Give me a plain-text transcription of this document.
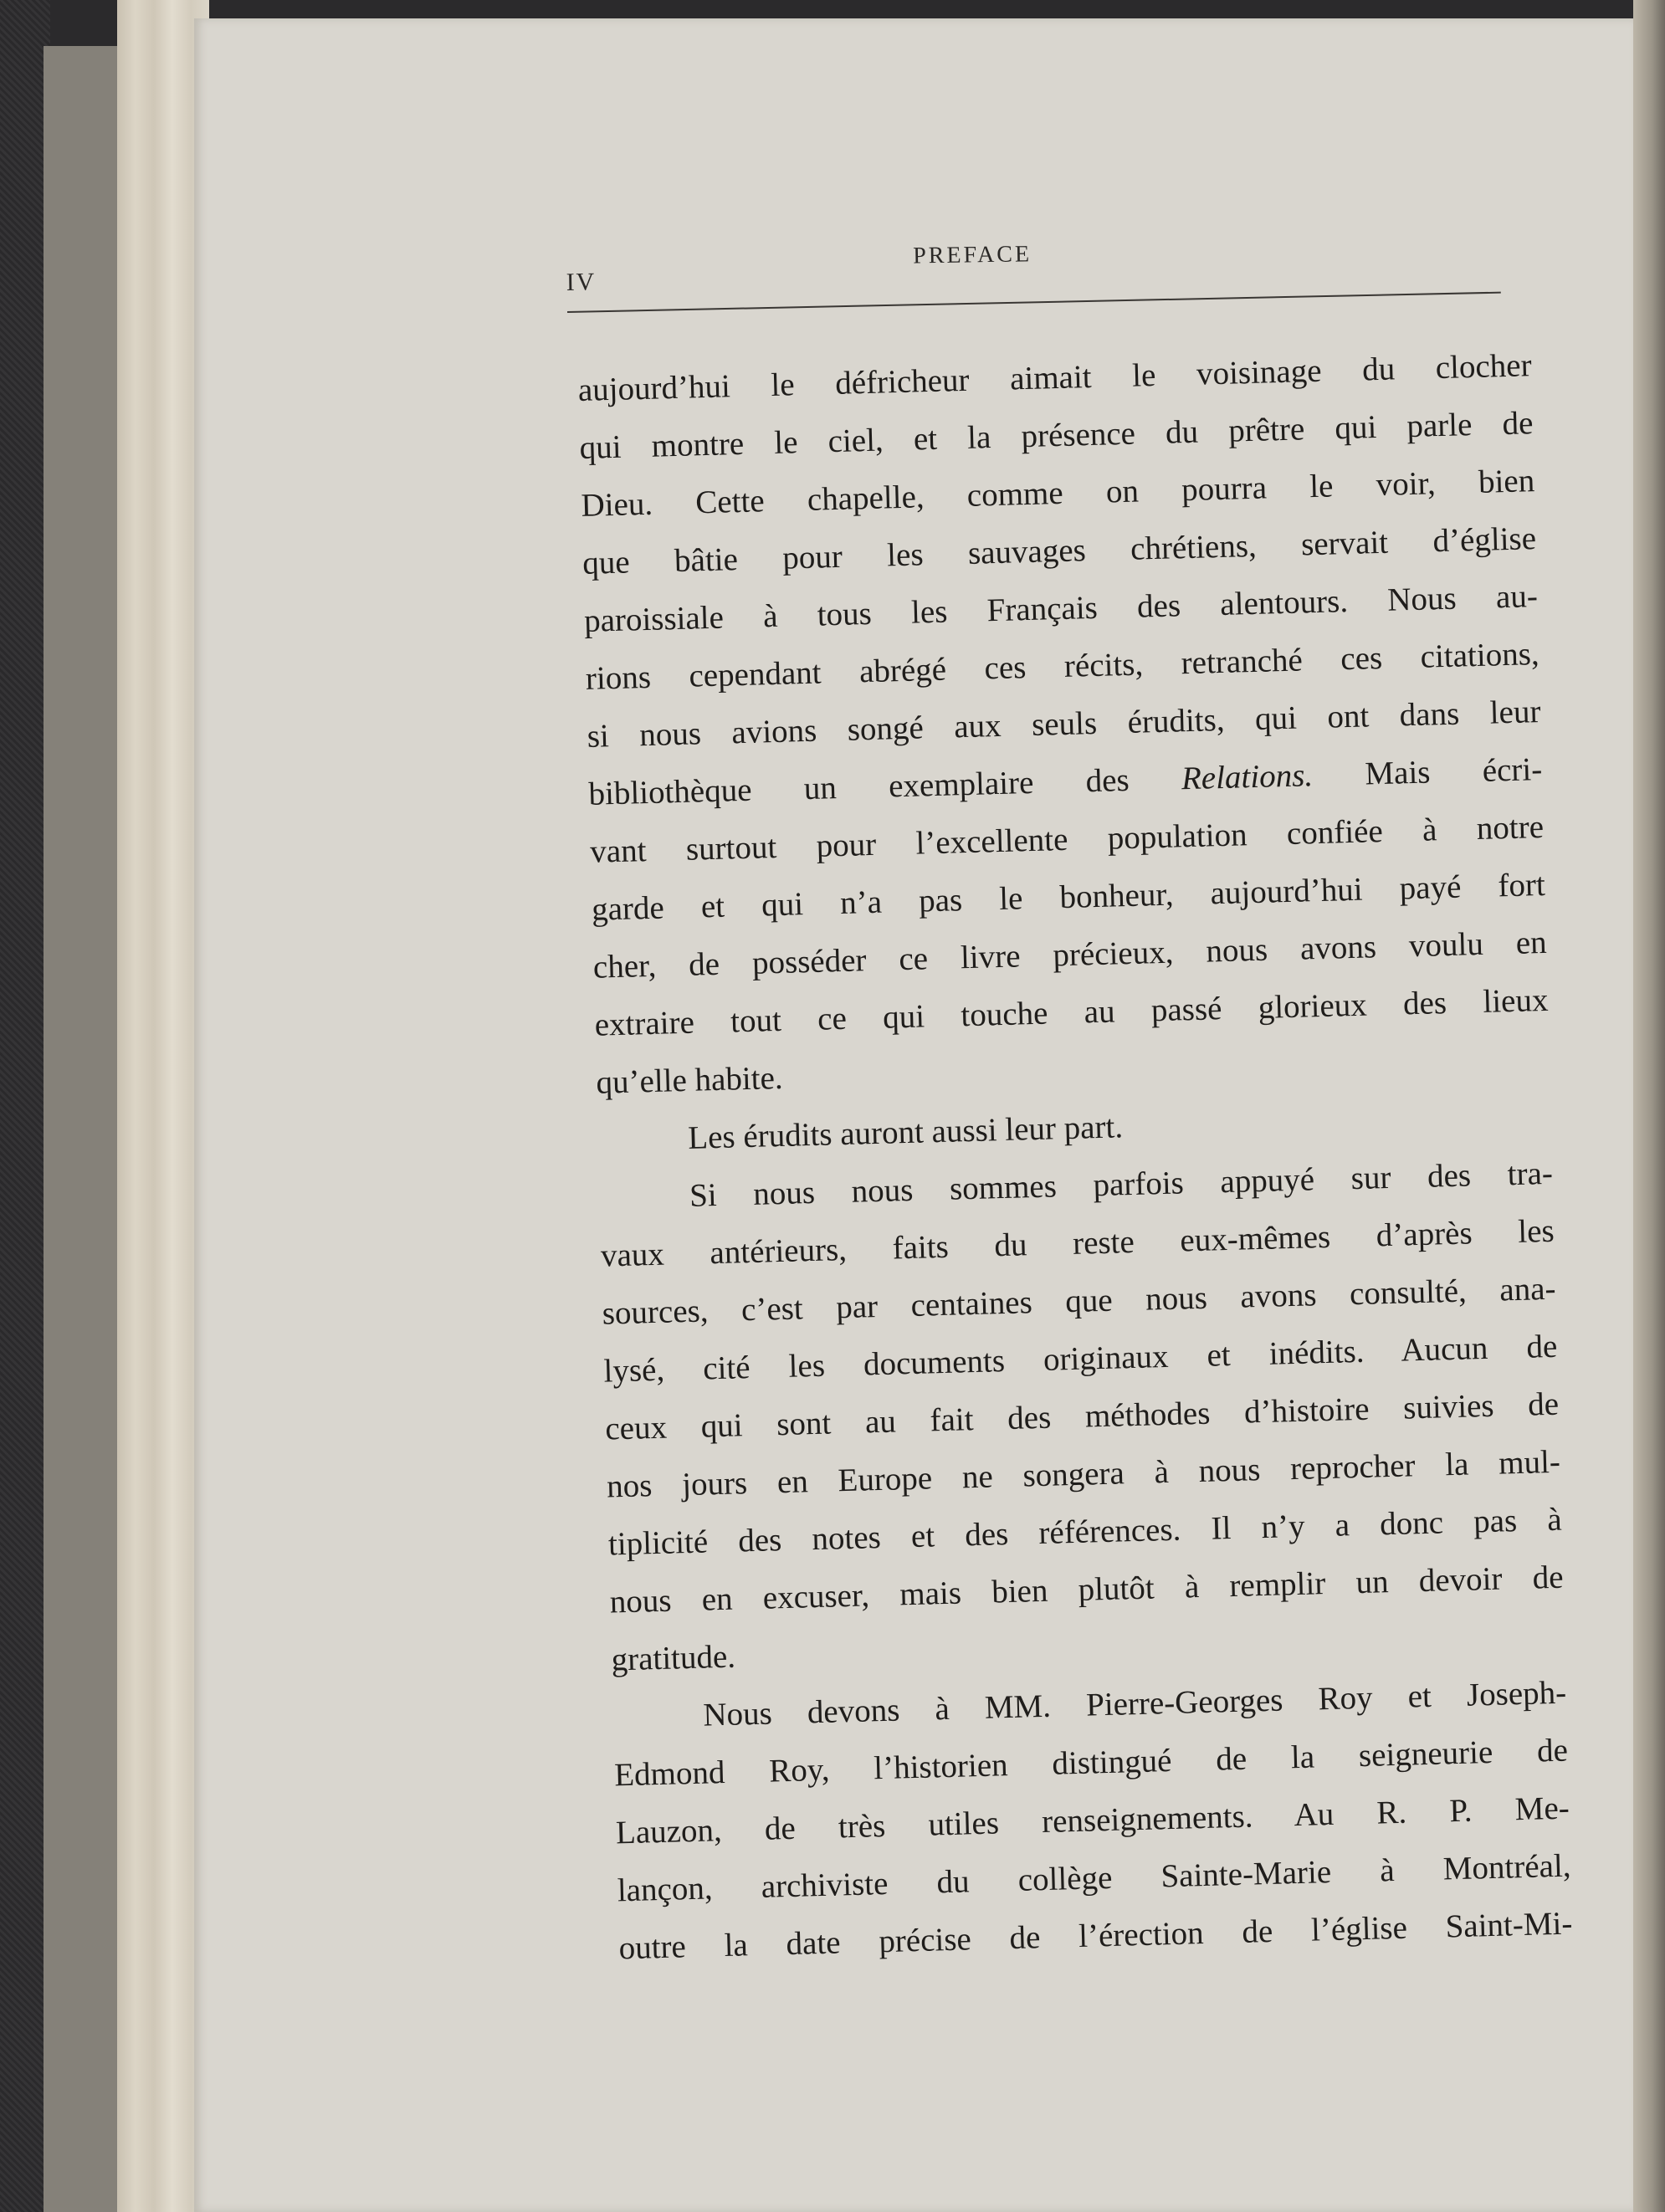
IV
PREFACE
aujourd’hui le défricheur aimait le voisinage du clocher
qui montre le ciel, et la présence du prêtre qui parle de
Dieu. Cette chapelle, comme on pourra le voir, bien
que bâtie pour les sauvages chrétiens, servait d’église
paroissiale à tous les Français des alentours. Nous au-
rions cependant abrégé ces récits, retranché ces citations,
si nous avions songé aux seuls érudits, qui ont dans leur
bibliothèque un exemplaire des Relations. Mais écri-
vant surtout pour l’excellente population confiée à notre
garde et qui n’a pas le bonheur, aujourd’hui payé fort
cher, de posséder ce livre précieux, nous avons voulu en
extraire tout ce qui touche au passé glorieux des lieux
qu’elle habite.
Les érudits auront aussi leur part.
Si nous nous sommes parfois appuyé sur des tra-
vaux antérieurs, faits du reste eux-mêmes d’après les
sources, c’est par centaines que nous avons consulté, ana-
lysé, cité les documents originaux et inédits. Aucun de
ceux qui sont au fait des méthodes d’histoire suivies de
nos jours en Europe ne songera à nous reprocher la mul-
tiplicité des notes et des références. Il n’y a donc pas à
nous en excuser, mais bien plutôt à remplir un devoir de
gratitude.
Nous devons à MM. Pierre-Georges Roy et Joseph-
Edmond Roy, l’historien distingué de la seigneurie de
Lauzon, de très utiles renseignements. Au R. P. Me-
lançon, archiviste du collège Sainte-Marie à Montréal,
outre la date précise de l’érection de l’église Saint-Mi-
